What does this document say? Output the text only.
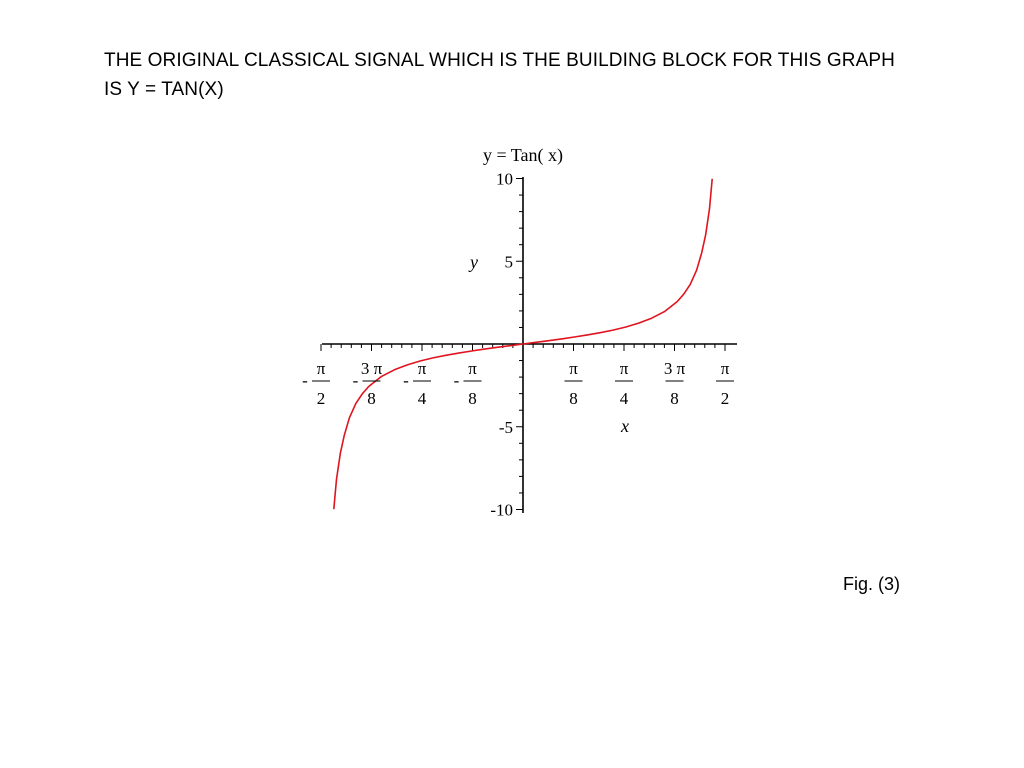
THE ORIGINAL CLASSICAL SIGNAL WHICH IS THE BUILDING BLOCK FOR THIS GRAPH
IS Y = TAN(X)
y = Tan( x)
y
x
π
2
-
3 π
8
-
π
4
-
π
8
-
π
8
π
4
3 π
8
π
2
10
5
-5
-10
Fig. (3)
